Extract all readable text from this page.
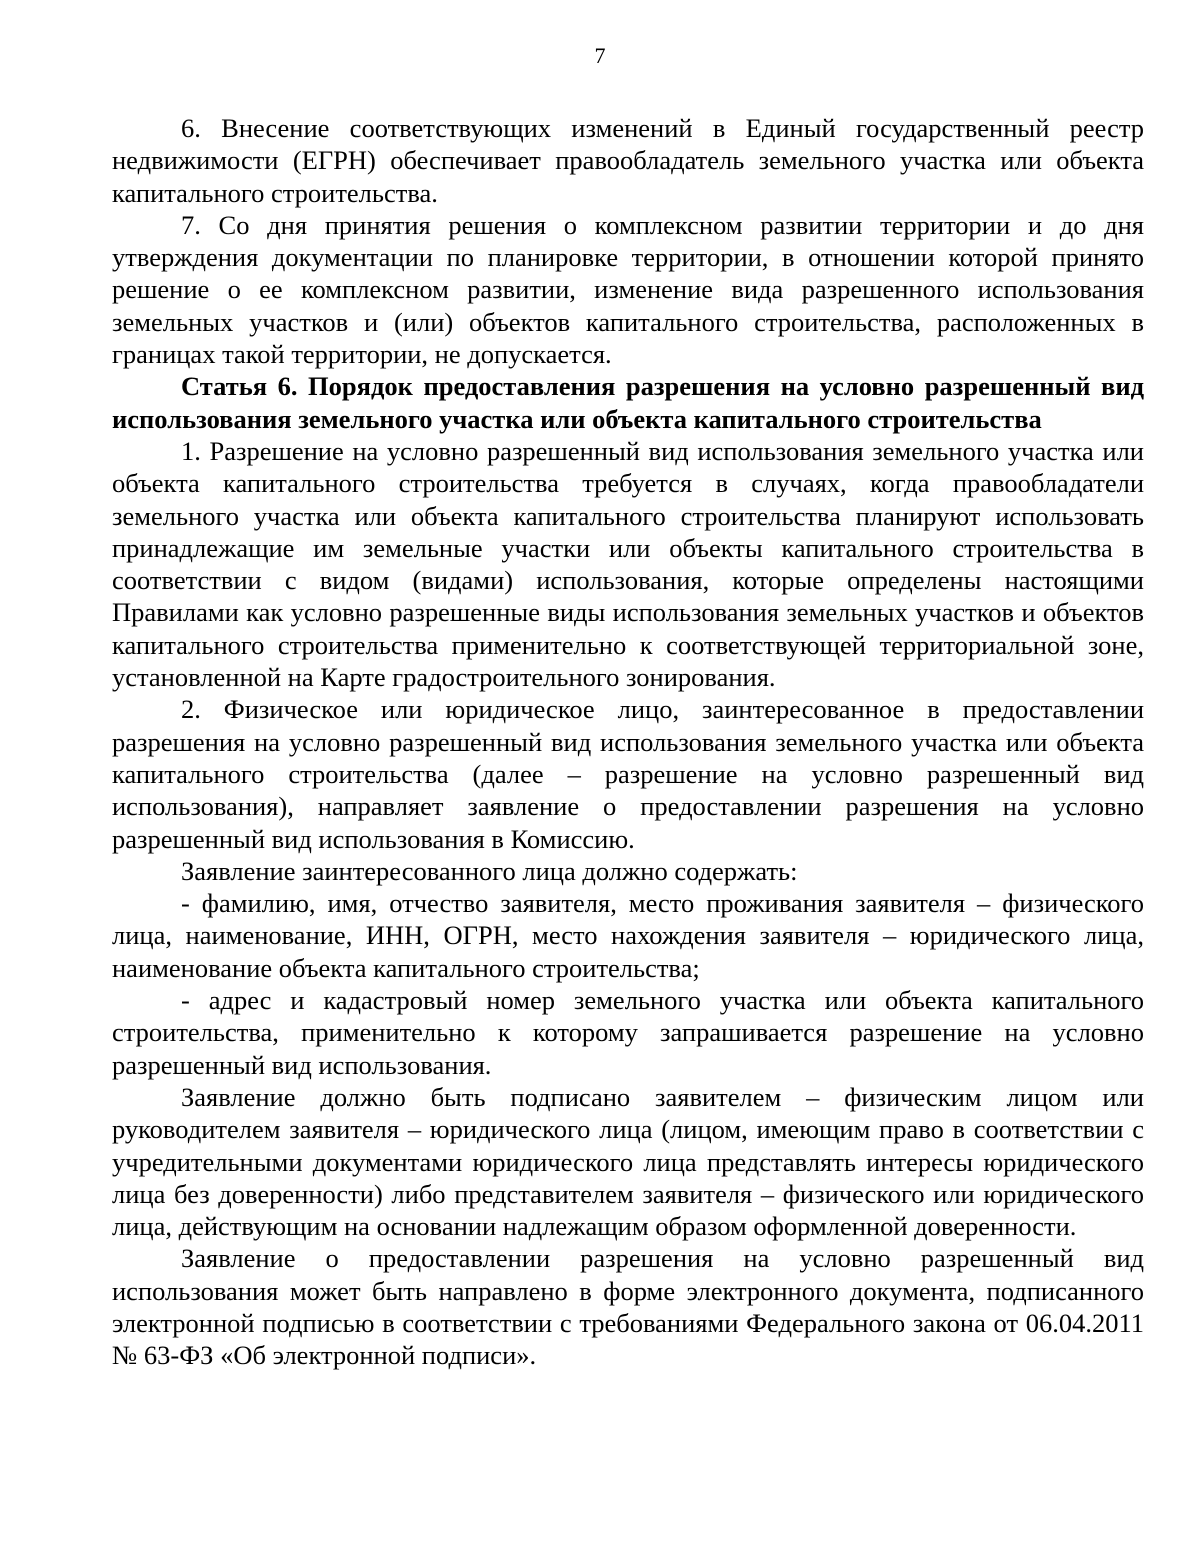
7

6. Внесение соответствующих изменений в Единый государственный реестр недвижимости (ЕГРН) обеспечивает правообладатель земельного участка или объекта капитального строительства.

7. Со дня принятия решения о комплексном развитии территории и до дня утверждения документации по планировке территории, в отношении которой принято решение о ее комплексном развитии, изменение вида разрешенного использования земельных участков и (или) объектов капитального строительства, расположенных в границах такой территории, не допускается.

Статья 6. Порядок предоставления разрешения на условно разрешенный вид использования земельного участка или объекта капитального строительства

1. Разрешение на условно разрешенный вид использования земельного участка или объекта капитального строительства требуется в случаях, когда правообладатели земельного участка или объекта капитального строительства планируют использовать принадлежащие им земельные участки или объекты капитального строительства в соответствии с видом (видами) использования, которые определены настоящими Правилами как условно разрешенные виды использования земельных участков и объектов капитального строительства применительно к соответствующей территориальной зоне, установленной на Карте градостроительного зонирования.

2. Физическое или юридическое лицо, заинтересованное в предоставлении разрешения на условно разрешенный вид использования земельного участка или объекта капитального строительства (далее – разрешение на условно разрешенный вид использования), направляет заявление о предоставлении разрешения на условно разрешенный вид использования в Комиссию.

Заявление заинтересованного лица должно содержать:

- фамилию, имя, отчество заявителя, место проживания заявителя – физического лица, наименование, ИНН, ОГРН, место нахождения заявителя – юридического лица, наименование объекта капитального строительства;

- адрес и кадастровый номер земельного участка или объекта капитального строительства, применительно к которому запрашивается разрешение на условно разрешенный вид использования.

Заявление должно быть подписано заявителем – физическим лицом или руководителем заявителя – юридического лица (лицом, имеющим право в соответствии с учредительными документами юридического лица представлять интересы юридического лица без доверенности) либо представителем заявителя – физического или юридического лица, действующим на основании надлежащим образом оформленной доверенности.

Заявление о предоставлении разрешения на условно разрешенный вид использования может быть направлено в форме электронного документа, подписанного электронной подписью в соответствии с требованиями Федерального закона от 06.04.2011 № 63-ФЗ «Об электронной подписи».
